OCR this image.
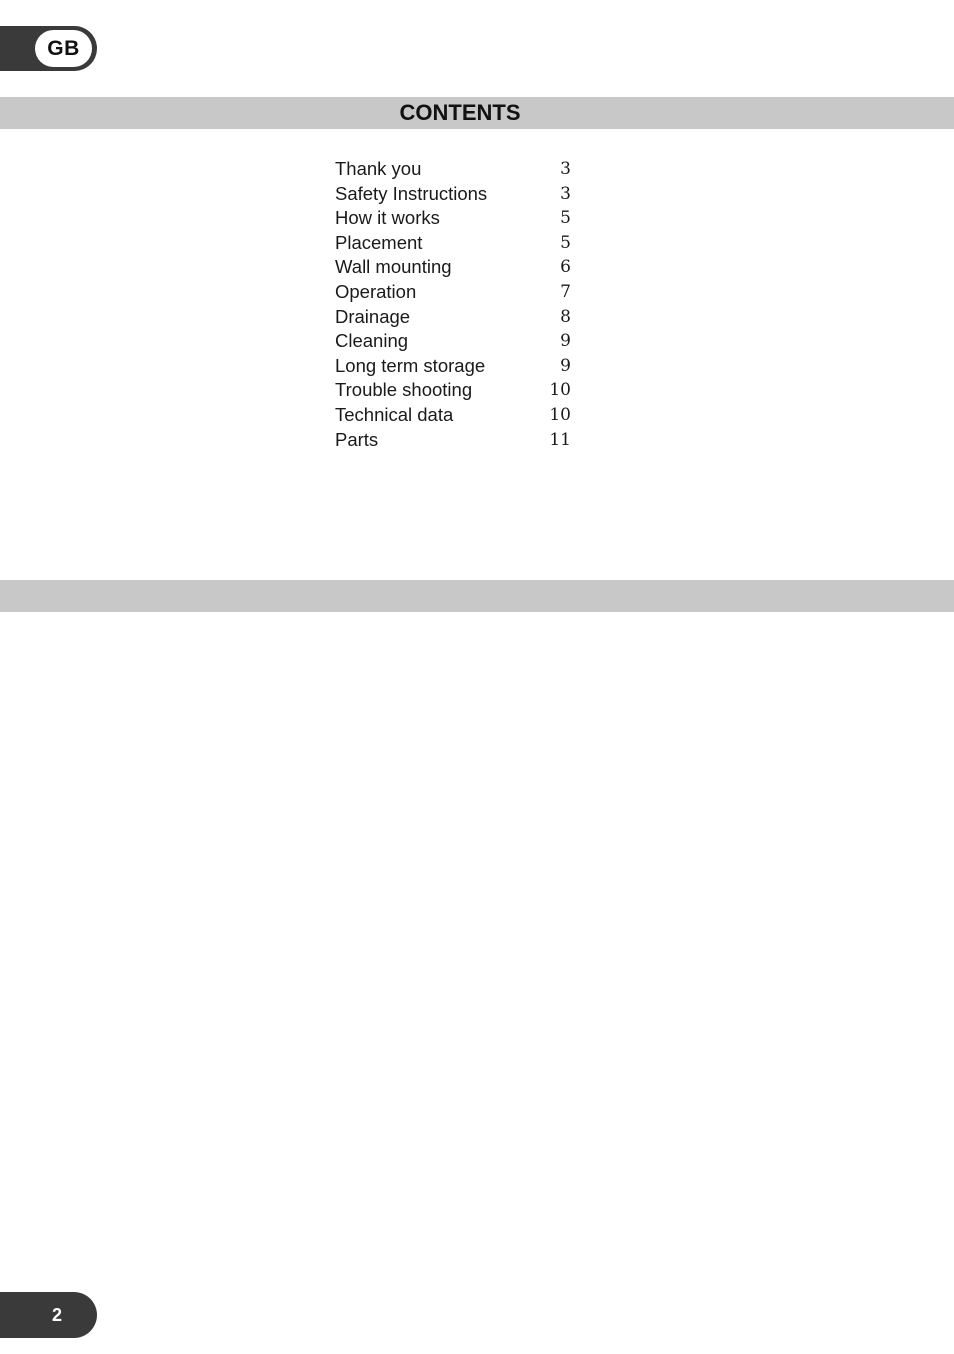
GB
CONTENTS
Thank you	3
Safety Instructions	3
How it works	5
Placement	5
Wall mounting	6
Operation	7
Drainage	8
Cleaning	9
Long term storage	9
Trouble shooting	10
Technical data	10
Parts	11
2
